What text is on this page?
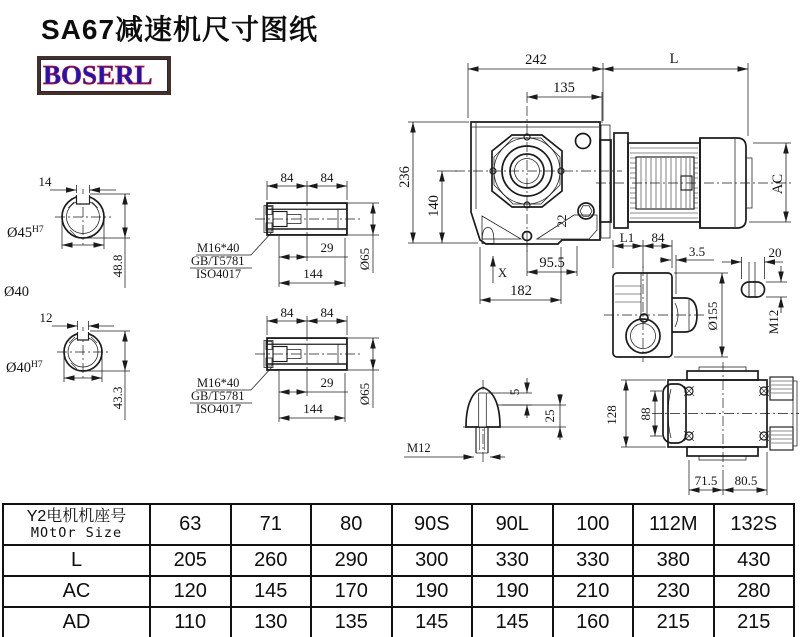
SA67减速机尺寸图纸
BOSERL
14
$Ø45^{H7}$
48.8
Ø40
12
$Ø40^{H7}$
43.3
84 84
29
144
Ø65
M16*40
GB/T5781
ISO4017
84 84
29
144
Ø65
M16*40
GB/T5781
ISO4017
22
242	L
135
236
140
95.5
182
X
AC
L1 84
Ø155
3.5	20
M12
5
25
M12
128 88
71.5 80.5
Y2电机机座号
MOtOr Size	63	71	80	90S	90L	100	112M	132S
L	205	260	290	300	330	330	380	430
AC	120	145	170	190	190	210	230	280
AD	110	130	135	145	145	160	215	215
